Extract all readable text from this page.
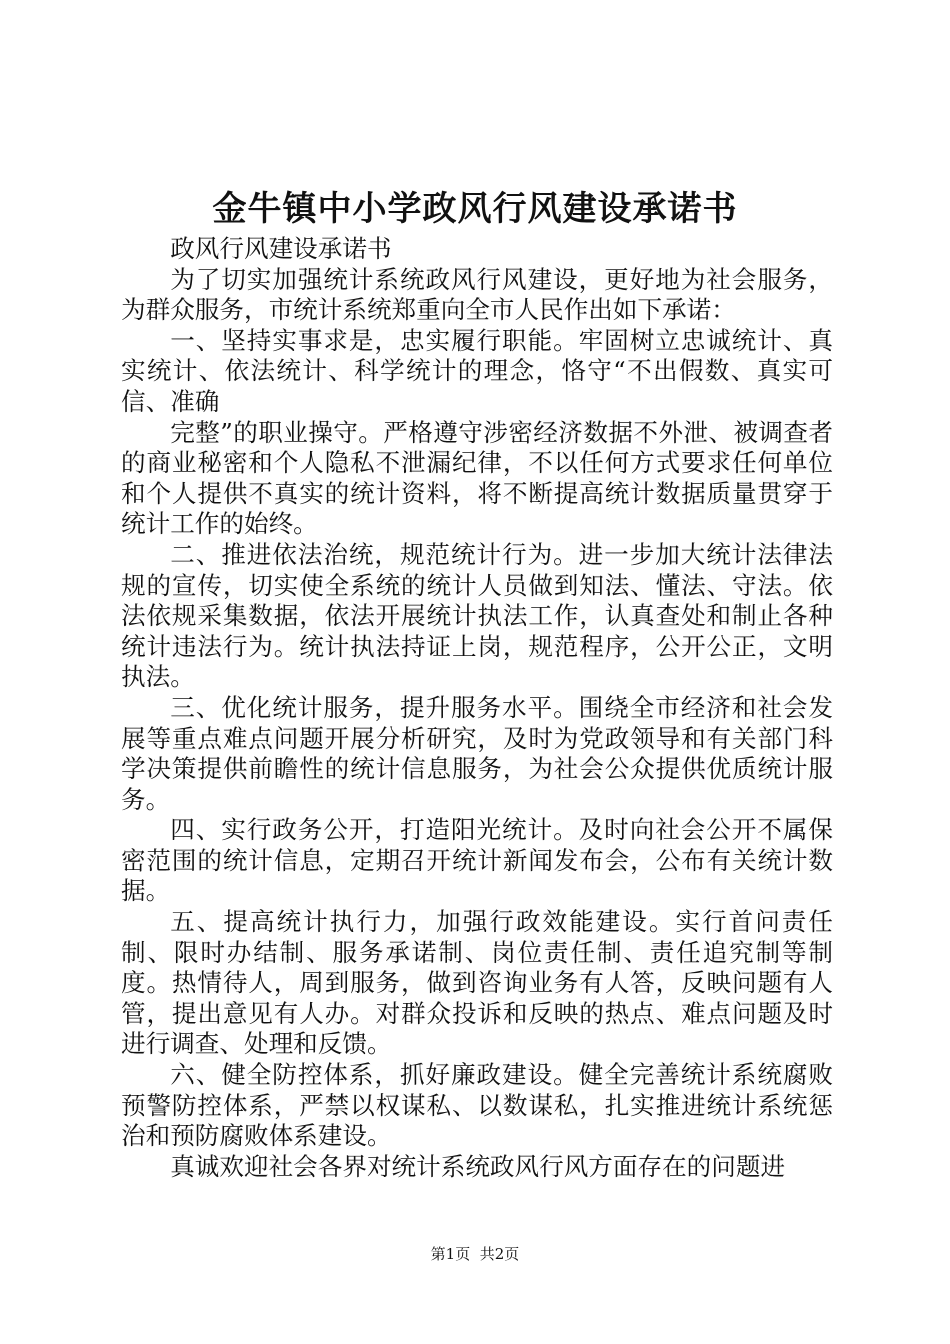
金牛镇中小学政风行风建设承诺书

政风行风建设承诺书

为了切实加强统计系统政风行风建设，更好地为社会服务，为群众服务，市统计系统郑重向全市人民作出如下承诺：

一、坚持实事求是，忠实履行职能。牢固树立忠诚统计、真实统计、依法统计、科学统计的理念，恪守“不出假数、真实可信、准确

完整”的职业操守。严格遵守涉密经济数据不外泄、被调查者的商业秘密和个人隐私不泄漏纪律，不以任何方式要求任何单位和个人提供不真实的统计资料，将不断提高统计数据质量贯穿于统计工作的始终。

二、推进依法治统，规范统计行为。进一步加大统计法律法规的宣传，切实使全系统的统计人员做到知法、懂法、守法。依法依规采集数据，依法开展统计执法工作，认真查处和制止各种统计违法行为。统计执法持证上岗，规范程序，公开公正，文明执法。

三、优化统计服务，提升服务水平。围绕全市经济和社会发展等重点难点问题开展分析研究，及时为党政领导和有关部门科学决策提供前瞻性的统计信息服务，为社会公众提供优质统计服务。

四、实行政务公开，打造阳光统计。及时向社会公开不属保密范围的统计信息，定期召开统计新闻发布会，公布有关统计数据。

五、提高统计执行力，加强行政效能建设。实行首问责任制、限时办结制、服务承诺制、岗位责任制、责任追究制等制度。热情待人，周到服务，做到咨询业务有人答，反映问题有人管，提出意见有人办。对群众投诉和反映的热点、难点问题及时进行调查、处理和反馈。

六、健全防控体系，抓好廉政建设。健全完善统计系统腐败预警防控体系，严禁以权谋私、以数谋私，扎实推进统计系统惩治和预防腐败体系建设。

真诚欢迎社会各界对统计系统政风行风方面存在的问题进

第1页 共2页
